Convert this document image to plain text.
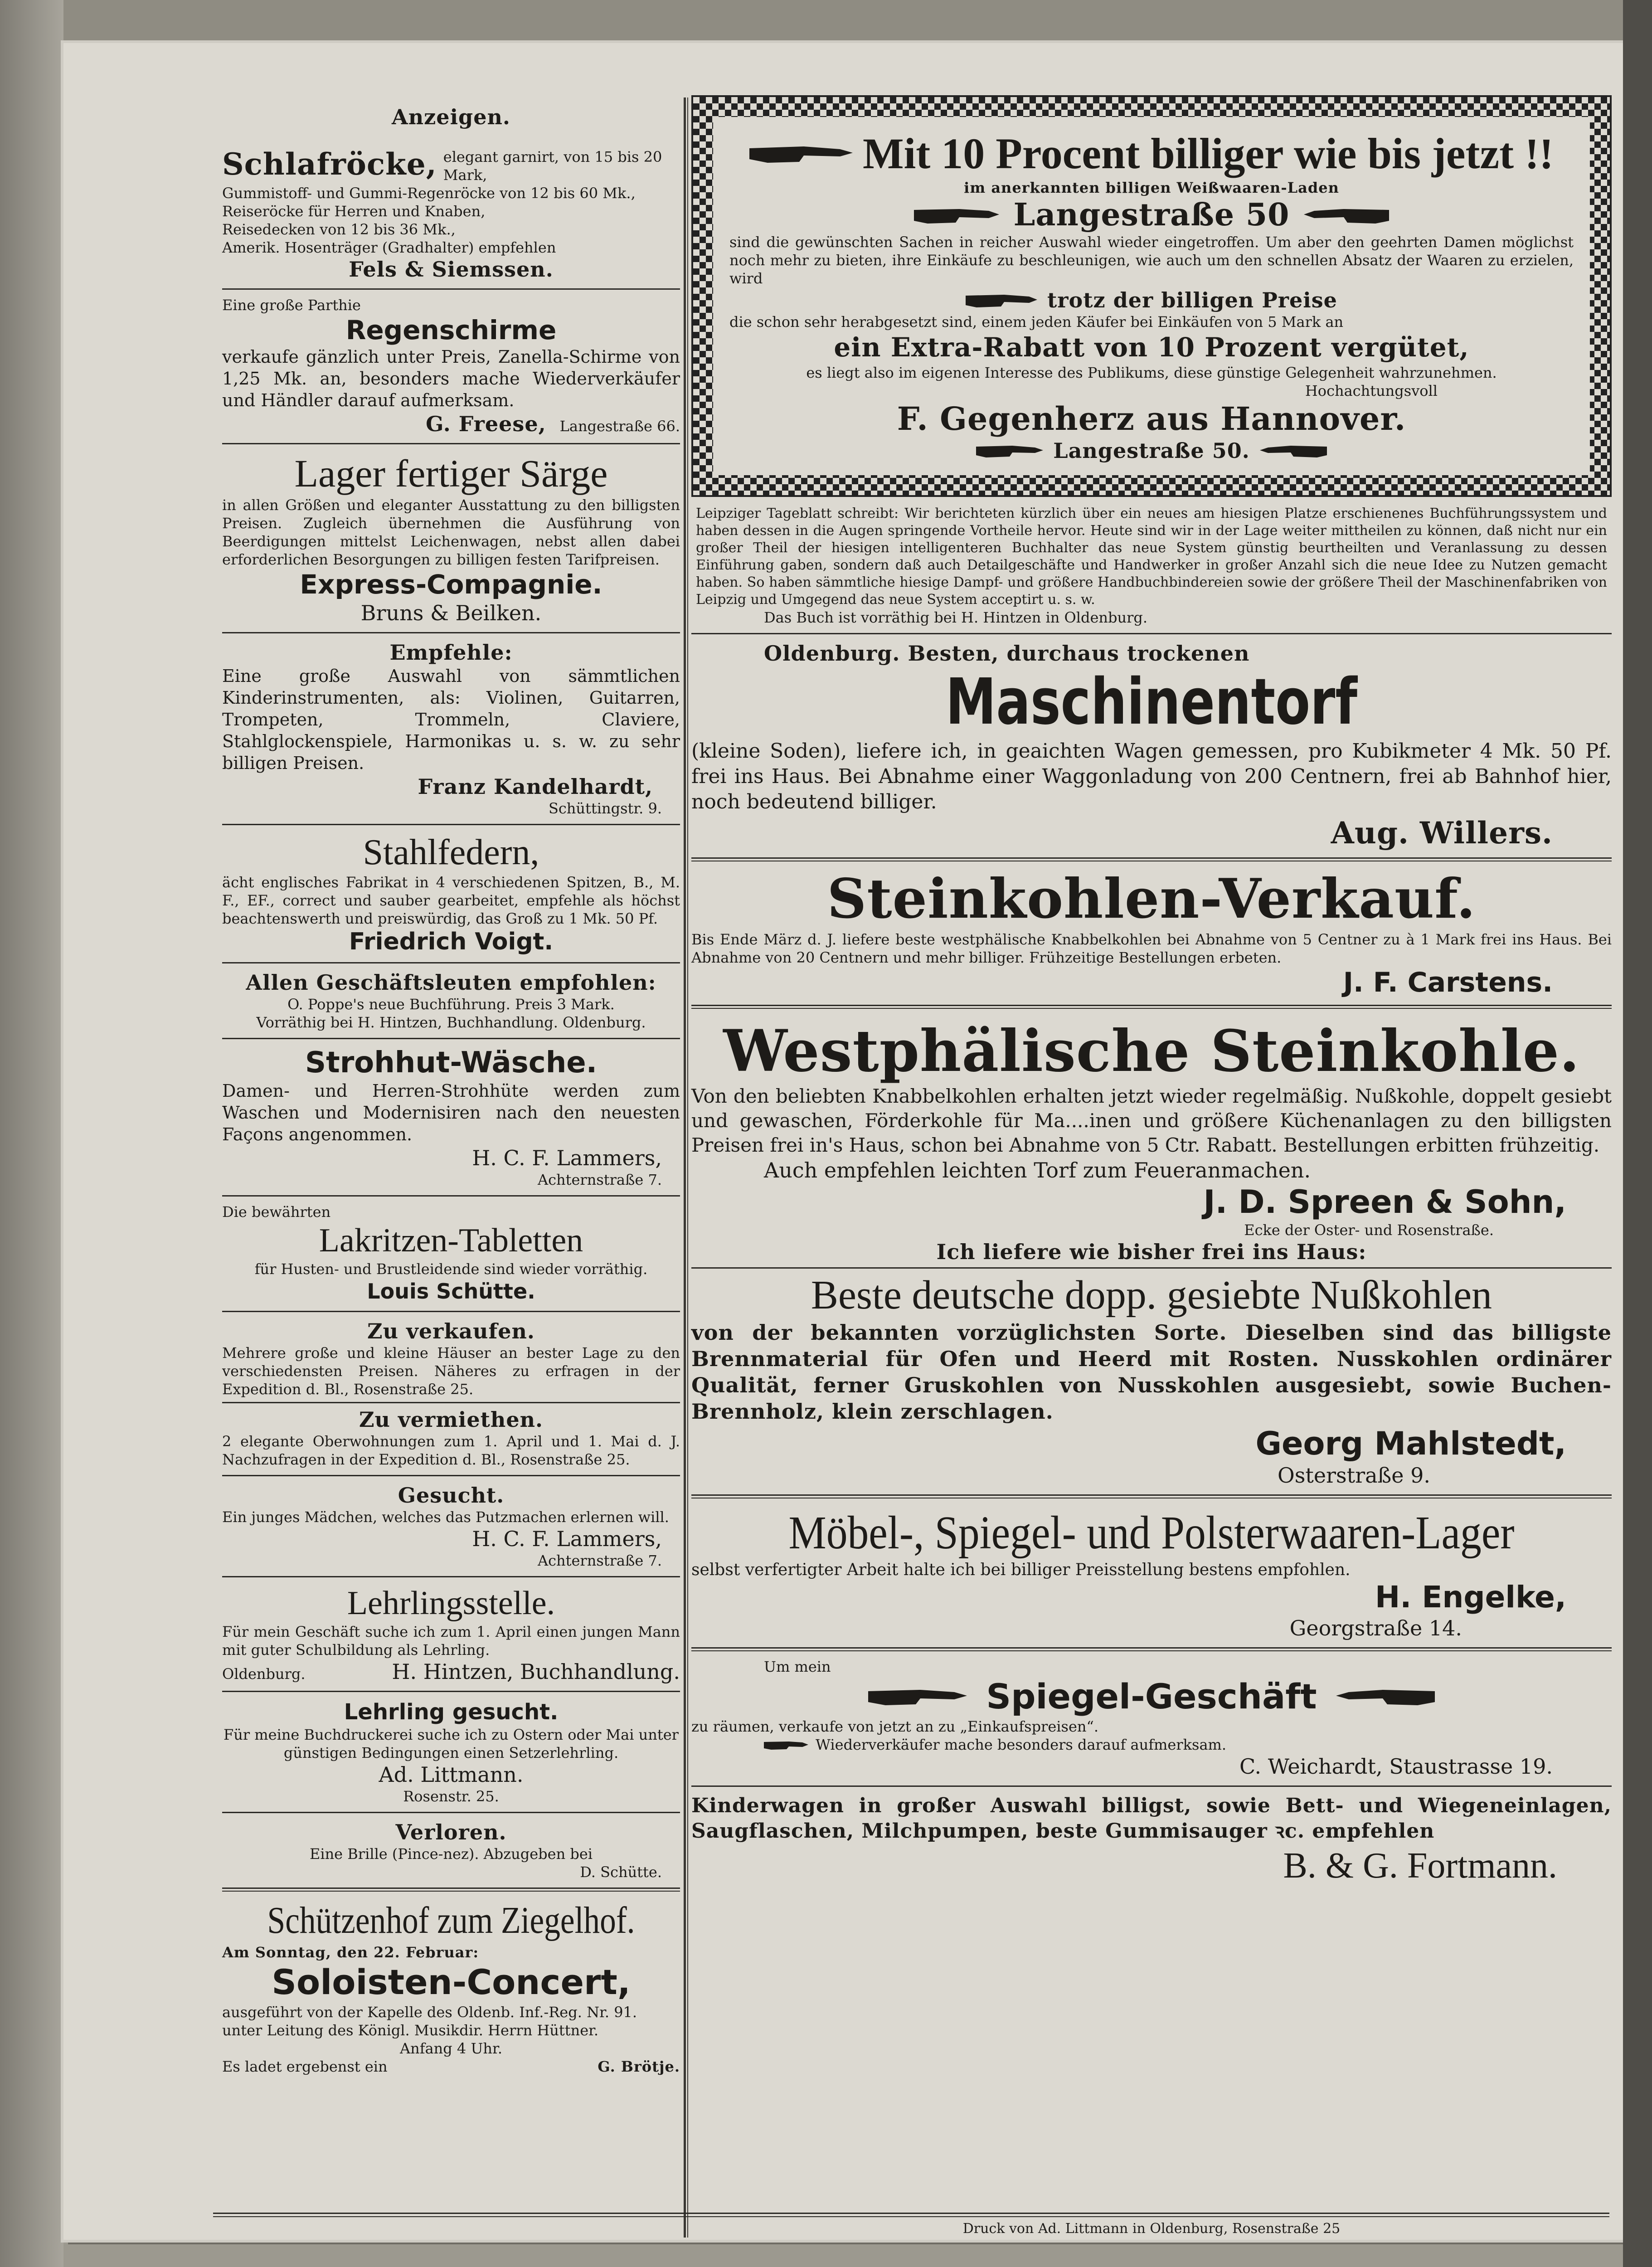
Anzeigen.
Schlafröcke, elegant garnirt, von 15 bis 20 Mark,
Gummistoff- und Gummi-Regenröcke von 12 bis 60 Mk.,
Reiseröcke für Herren und Knaben,
Reisedecken von 12 bis 36 Mk.,
Amerik. Hosenträger (Gradhalter) empfehlen
Fels & Siemssen.
Eine große Parthie
Regenschirme
verkaufe gänzlich unter Preis, Zanella-Schirme von 1,25 Mk. an, besonders mache Wiederverkäufer und Händler darauf aufmerksam.
G. Freese, Langestraße 66.
Lager fertiger Särge
in allen Größen und eleganter Ausstattung zu den billigsten Preisen. Zugleich übernehmen die Ausführung von Beerdigungen mittelst Leichenwagen, nebst allen dabei erforderlichen Besorgungen zu billigen festen Tarifpreisen.
Express-Compagnie.
Bruns & Beilken.
Empfehle:
Eine große Auswahl von sämmtlichen Kinderinstrumenten, als: Violinen, Guitarren, Trompeten, Trommeln, Claviere, Stahlglockenspiele, Harmonikas u. s. w. zu sehr billigen Preisen.
Franz Kandelhardt,
Schüttingstr. 9.
Stahlfedern,
ächt englisches Fabrikat in 4 verschiedenen Spitzen, B., M. F., EF., correct und sauber gearbeitet, empfehle als höchst beachtenswerth und preiswürdig, das Groß zu 1 Mk. 50 Pf.
Friedrich Voigt.
Allen Geschäftsleuten empfohlen:
O. Poppe's neue Buchführung. Preis 3 Mark.
Vorräthig bei H. Hintzen, Buchhandlung. Oldenburg.
Strohhut-Wäsche.
Damen- und Herren-Strohhüte werden zum Waschen und Modernisiren nach den neuesten Façons angenommen.
H. C. F. Lammers,
Achternstraße 7.
Die bewährten
Lakritzen-Tabletten
für Husten- und Brustleidende sind wieder vorräthig.
Louis Schütte.
Zu verkaufen.
Mehrere große und kleine Häuser an bester Lage zu den verschiedensten Preisen. Näheres zu erfragen in der Expedition d. Bl., Rosenstraße 25.
Zu vermiethen.
2 elegante Oberwohnungen zum 1. April und 1. Mai d. J. Nachzufragen in der Expedition d. Bl., Rosenstraße 25.
Gesucht.
Ein junges Mädchen, welches das Putzmachen erlernen will.
H. C. F. Lammers,
Achternstraße 7.
Lehrlingsstelle.
Für mein Geschäft suche ich zum 1. April einen jungen Mann mit guter Schulbildung als Lehrling.
Oldenburg.	H. Hintzen, Buchhandlung.
Lehrling gesucht.
Für meine Buchdruckerei suche ich zu Ostern oder Mai unter günstigen Bedingungen einen Setzerlehrling.
Ad. Littmann.
Rosenstr. 25.
Verloren.
Eine Brille (Pince-nez). Abzugeben bei
D. Schütte.
Schützenhof zum Ziegelhof.
Am Sonntag, den 22. Februar:
Soloisten-Concert,
ausgeführt von der Kapelle des Oldenb. Inf.-Reg. Nr. 91. unter Leitung des Königl. Musikdir. Herrn Hüttner.
Anfang 4 Uhr.
Es ladet ergebenst ein	G. Brötje.
Mit 10 Procent billiger wie bis jetzt !!
im anerkannten billigen Weißwaaren-Laden
Langestraße 50
sind die gewünschten Sachen in reicher Auswahl wieder eingetroffen. Um aber den geehrten Damen möglichst noch mehr zu bieten, ihre Einkäufe zu beschleunigen, wie auch um den schnellen Absatz der Waaren zu erzielen, wird
trotz der billigen Preise
die schon sehr herabgesetzt sind, einem jeden Käufer bei Einkäufen von 5 Mark an
ein Extra-Rabatt von 10 Prozent vergütet,
es liegt also im eigenen Interesse des Publikums, diese günstige Gelegenheit wahrzunehmen.
Hochachtungsvoll
F. Gegenherz aus Hannover.
Langestraße 50.
Leipziger Tageblatt schreibt: Wir berichteten kürzlich über ein neues am hiesigen Platze erschienenes Buchführungssystem und haben dessen in die Augen springende Vortheile hervor. Heute sind wir in der Lage weiter mittheilen zu können, daß nicht nur ein großer Theil der hiesigen intelligenteren Buchhalter das neue System günstig beurtheilten und Veranlassung zu dessen Einführung gaben, sondern daß auch Detailgeschäfte und Handwerker in großer Anzahl sich die neue Idee zu Nutzen gemacht haben. So haben sämmtliche hiesige Dampf- und größere Handbuchbindereien sowie der größere Theil der Maschinenfabriken von Leipzig und Umgegend das neue System acceptirt u. s. w.
Das Buch ist vorräthig bei H. Hintzen in Oldenburg.
Oldenburg. Besten, durchaus trockenen
Maschinentorf
(kleine Soden), liefere ich, in geaichten Wagen gemessen, pro Kubikmeter 4 Mk. 50 Pf. frei ins Haus. Bei Abnahme einer Waggonladung von 200 Centnern, frei ab Bahnhof hier, noch bedeutend billiger.
Aug. Willers.
Steinkohlen-Verkauf.
Bis Ende März d. J. liefere beste westphälische Knabbelkohlen bei Abnahme von 5 Centner zu à 1 Mark frei ins Haus. Bei Abnahme von 20 Centnern und mehr billiger. Frühzeitige Bestellungen erbeten.
J. F. Carstens.
Westphälische Steinkohle.
Von den beliebten Knabbelkohlen erhalten jetzt wieder regelmäßig. Nußkohle, doppelt gesiebt und gewaschen, Förderkohle für Ma....inen und größere Küchenanlagen zu den billigsten Preisen frei in's Haus, schon bei Abnahme von 5 Ctr. Rabatt. Bestellungen erbitten frühzeitig.
Auch empfehlen leichten Torf zum Feueranmachen.
J. D. Spreen & Sohn,
Ecke der Oster- und Rosenstraße.
Ich liefere wie bisher frei ins Haus:
Beste deutsche dopp. gesiebte Nußkohlen
von der bekannten vorzüglichsten Sorte. Dieselben sind das billigste Brennmaterial für Ofen und Heerd mit Rosten. Nusskohlen ordinärer Qualität, ferner Gruskohlen von Nusskohlen ausgesiebt, sowie Buchen-Brennholz, klein zerschlagen.
Georg Mahlstedt,
Osterstraße 9.
Möbel-, Spiegel- und Polsterwaaren-Lager
selbst verfertigter Arbeit halte ich bei billiger Preisstellung bestens empfohlen.
H. Engelke,
Georgstraße 14.
Um mein
Spiegel-Geschäft
zu räumen, verkaufe von jetzt an zu „Einkaufspreisen“.
Wiederverkäufer mache besonders darauf aufmerksam.
C. Weichardt, Staustrasse 19.
Kinderwagen in großer Auswahl billigst, sowie Bett- und Wiegeneinlagen, Saugflaschen, Milchpumpen, beste Gummisauger ꝛc. empfehlen
B. & G. Fortmann.
Druck von Ad. Littmann in Oldenburg, Rosenstraße 25
